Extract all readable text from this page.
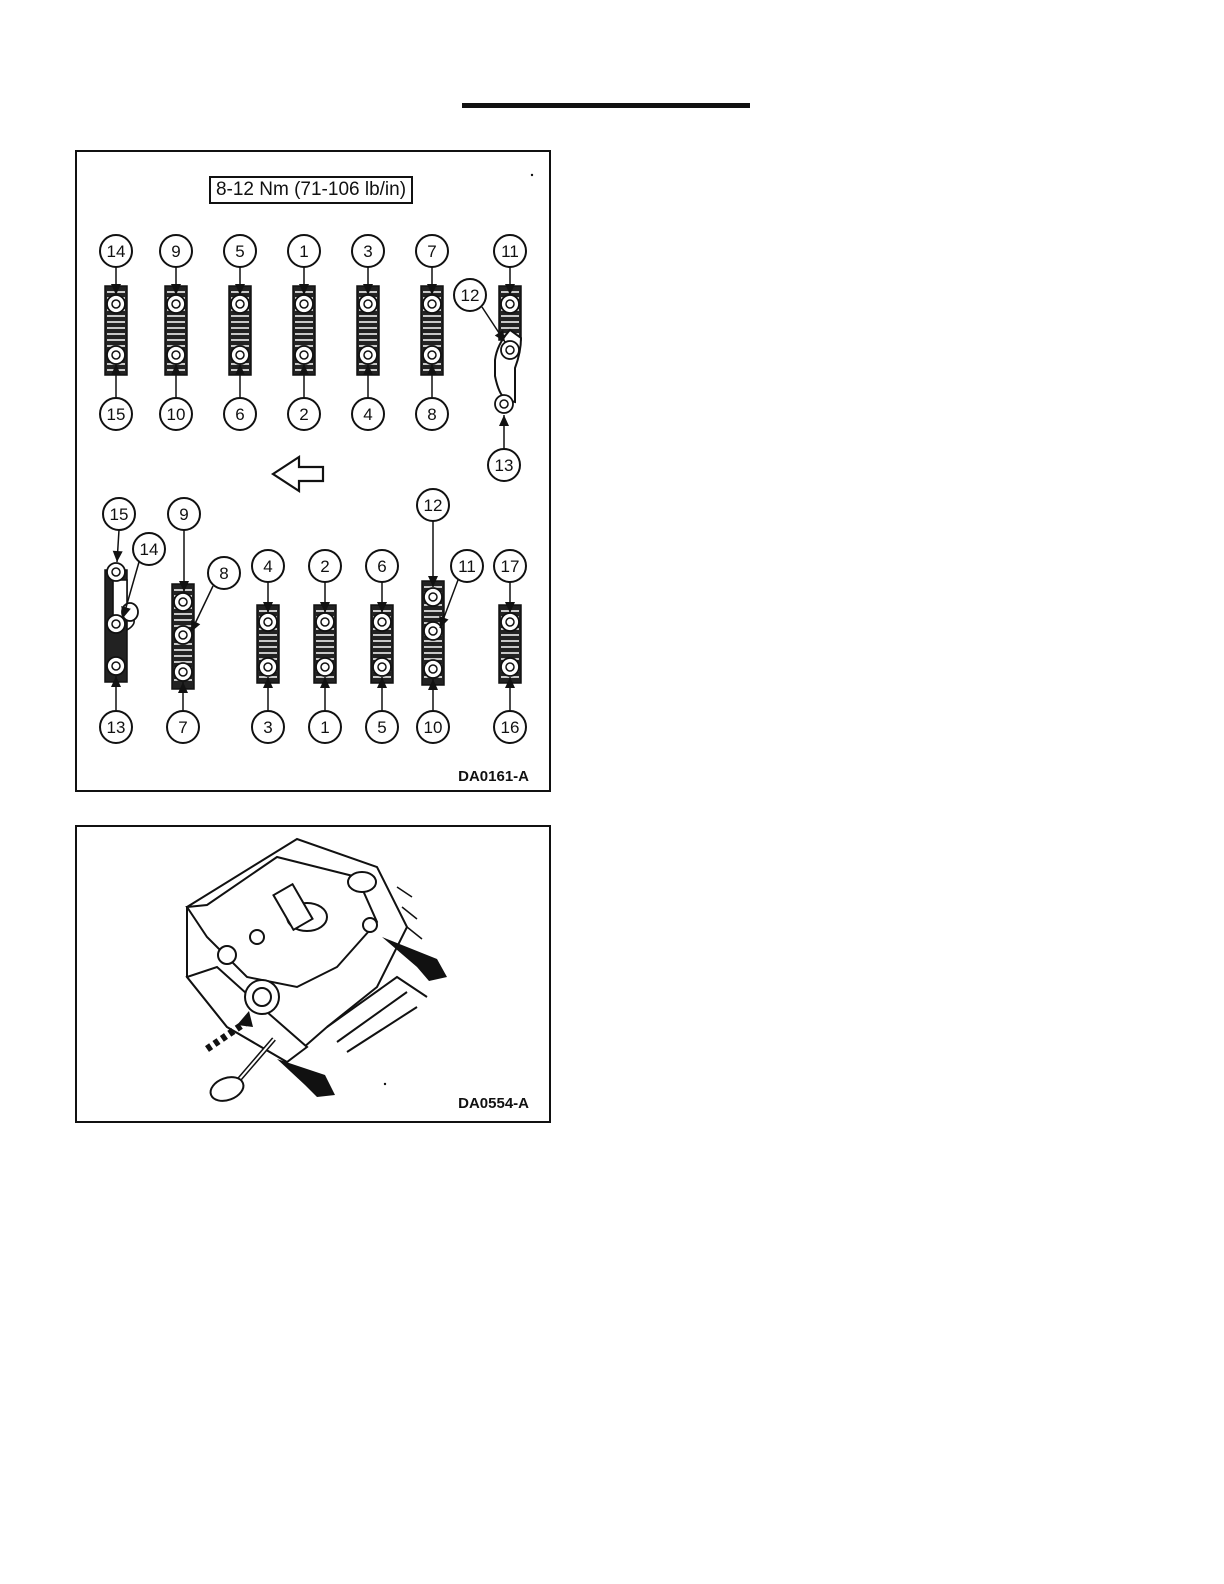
14
15
9
10
5
6
1
2
3
4
7
8
11
12
13
15
14
13
9
8
7
4
3
2
1
6
5
12
11
10
17
16
8-12 Nm (71-106 lb/in)
DA0161-A
DA0554-A
